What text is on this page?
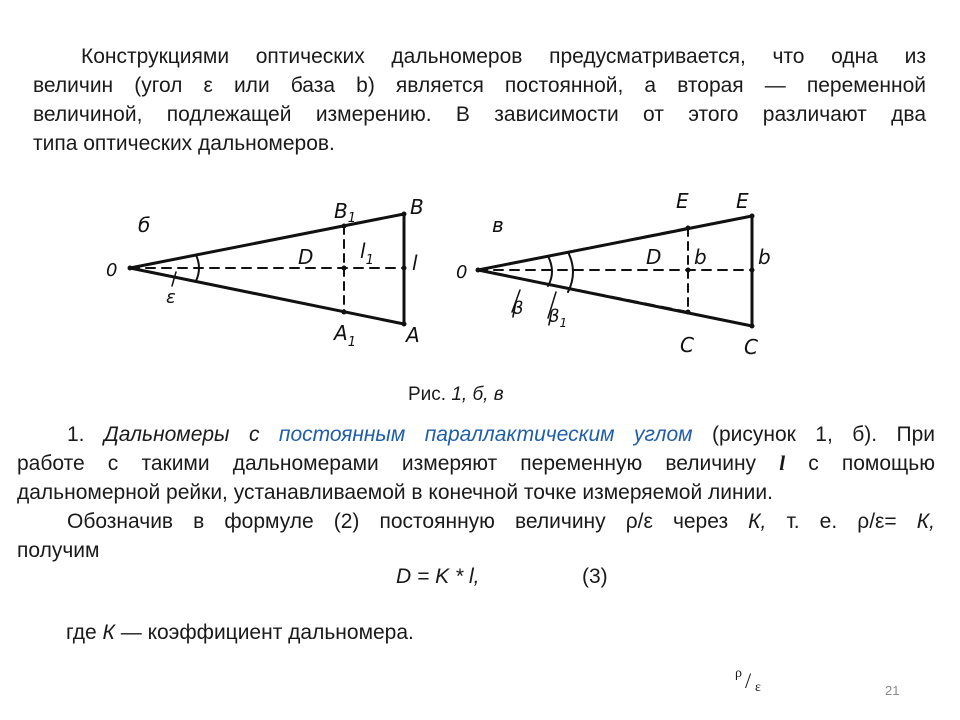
Конструкциями оптических дальномеров предусматривается, что одна из
величин (угол ε или база b) является постоянной, а вторая — переменной
величиной, подлежащей измерению. В зависимости от этого различают два
типа оптических дальномеров.
б
0
ε
$B_1$	B
D $l_1$ l
$A_1$	A
в
0
E E
D b	b
β $\beta_1$
C	C
Рис. 1, б, в
1. Дальномеры с постоянным параллактическим углом (рисунок 1, б). При
работе с такими дальномерами измеряют переменную величину l с помощью
дальномерной рейки, устанавливаемой в конечной точке измеряемой линии.
Обозначив в формуле (2) постоянную величину ρ/ε через К, т. е. ρ/ε= К,
получим
D = K * l,	(3)
где К — коэффициент дальномера.
ρ / ε	21
